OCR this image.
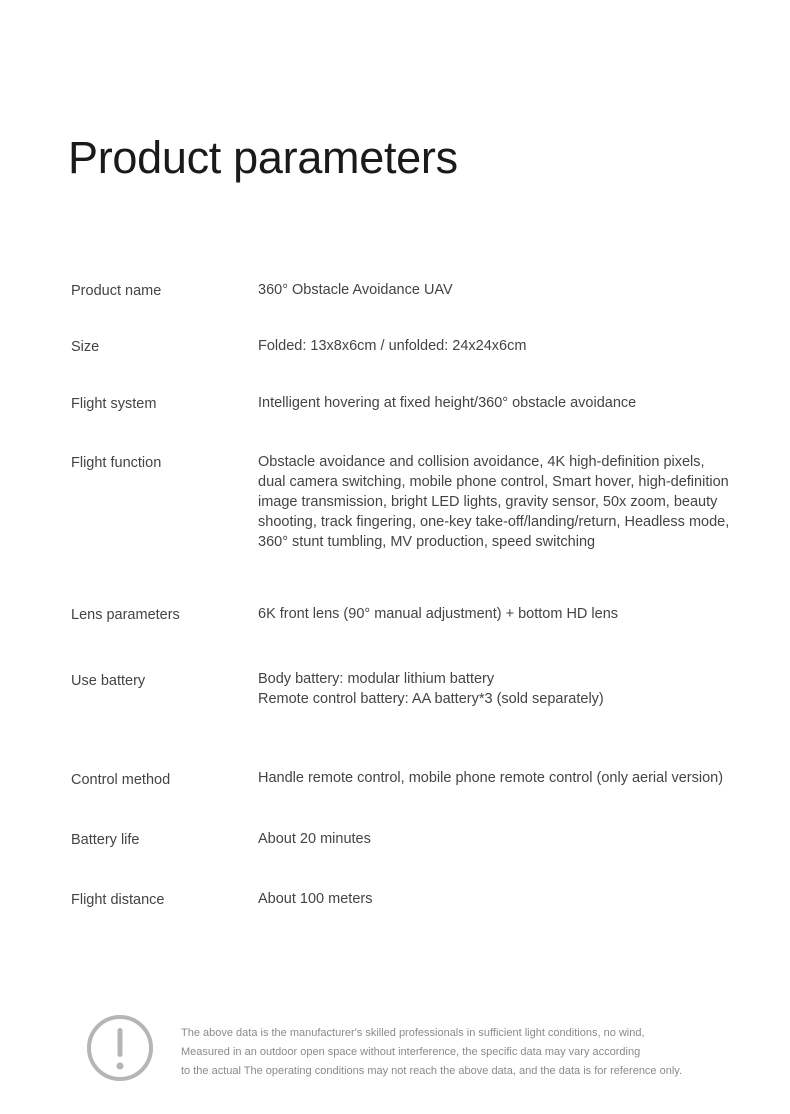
Product parameters
Product name	360° Obstacle Avoidance UAV
Size	Folded: 13x8x6cm / unfolded: 24x24x6cm
Flight system	Intelligent hovering at fixed height/360° obstacle avoidance
Flight function	Obstacle avoidance and collision avoidance, 4K high-definition pixels,
dual camera switching, mobile phone control, Smart hover, high-definition
image transmission, bright LED lights, gravity sensor, 50x zoom, beauty
shooting, track fingering, one-key take-off/landing/return, Headless mode,
360° stunt tumbling, MV production, speed switching
Lens parameters	6K front lens (90° manual adjustment) + bottom HD lens
Use battery	Body battery: modular lithium battery
Remote control battery: AA battery*3 (sold separately)
Control method	Handle remote control, mobile phone remote control (only aerial version)
Battery life	About 20 minutes
Flight distance	About 100 meters
The above data is the manufacturer's skilled professionals in sufficient light conditions, no wind,
Measured in an outdoor open space without interference, the specific data may vary according
to the actual The operating conditions may not reach the above data, and the data is for reference only.
